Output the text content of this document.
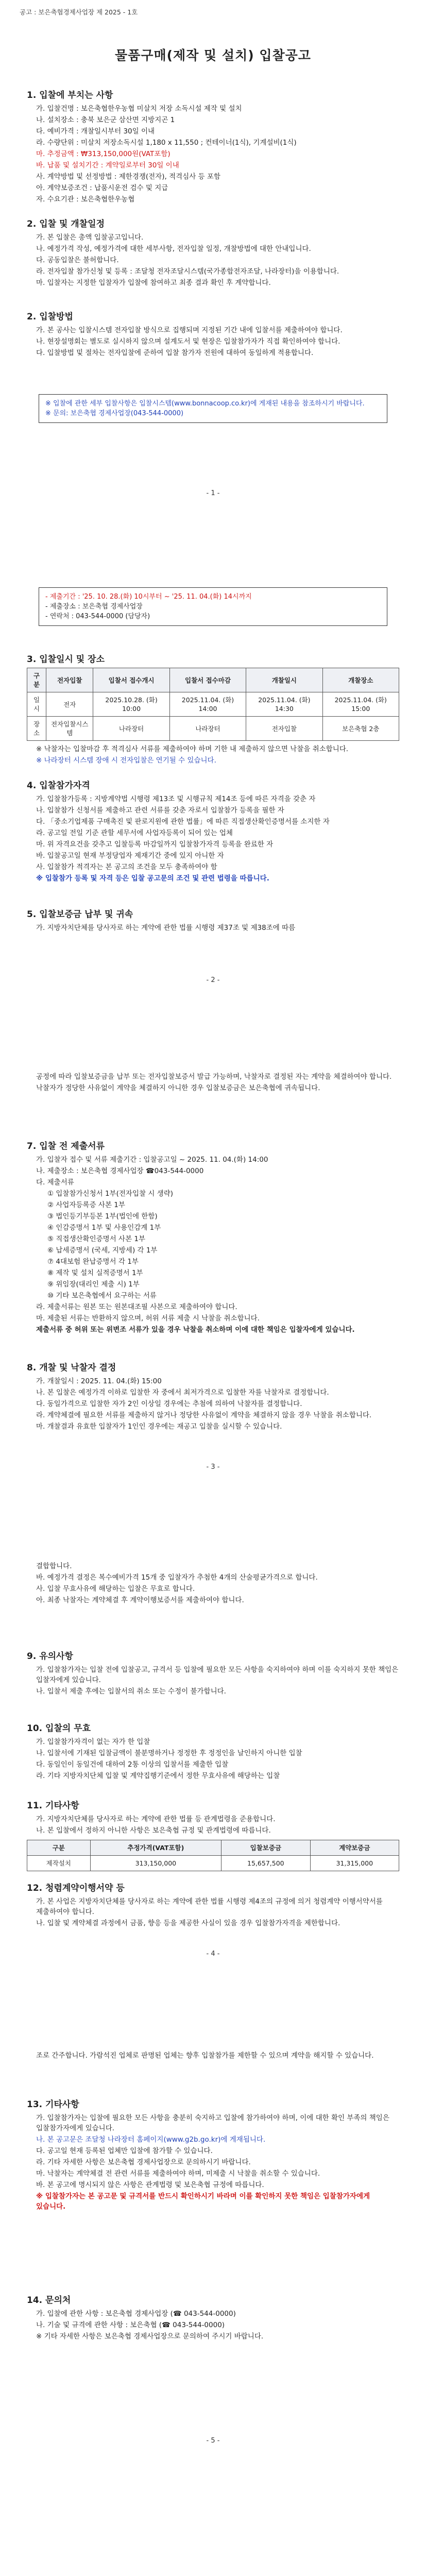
공고 : 보은축협경제사업장 제 2025 - 1호
물품구매(제작 및 설치) 입찰공고
1. 입찰에 부치는 사항
가. 입찰건명 : 보은축협한우농협 미살치 저장 소독시설 제작 및 설치
나. 설치장소 : 충북 보은군 삼산면 지방지곤 1
다. 예비가격 : 개찰일시부터 30일 이내
라. 수량단위 : 미살치 저장소독시설 1,180 x 11,550 ; 컨테이너(1식), 기계설비(1식)
마. 추정금액 : ₩313,150,000원(VAT포함)
바. 납품 및 설치기간 : 계약일로부터 30일 이내
사. 계약방법 및 선정방법 : 제한경쟁(전자), 적격심사 등 포함
아. 계약보증조건 : 납품시운전 검수 및 지급
자. 수요기관 : 보은축협한우농협
2. 입찰 및 개찰일정
가. 본 입찰은 총액 입찰공고입니다.
나. 예정가격 작성, 예정가격에 대한 세부사항, 전자입찰 일정, 개찰방법에 대한 안내입니다.
다. 공동입찰은 불허합니다.
라. 전자입찰 참가신청 및 등록 : 조달청 전자조달시스템(국가종합전자조달, 나라장터)을 이용합니다.
마. 입찰자는 지정한 입찰자가 입찰에 참여하고 최종 결과 확인 후 계약합니다.
2. 입찰방법
가. 본 공사는 입찰시스템 전자입찰 방식으로 집행되며 지정된 기간 내에 입찰서를 제출하여야 합니다.
나. 현장설명회는 별도로 실시하지 않으며 설계도서 및 현장은 입찰참가자가 직접 확인하여야 합니다.
다. 입찰방법 및 절차는 전자입찰에 준하여 입찰 참가자 전원에 대하여 동일하게 적용합니다.
※ 입찰에 관한 세부 입찰사항은 입찰시스템(www.bonnacoop.co.kr)에 게재된 내용을 참조하시기 바랍니다.
※ 문의: 보은축협 경제사업장(043-544-0000)
- 1 -
- 제출기간 : '25. 10. 28.(화) 10시부터 ~ '25. 11. 04.(화) 14시까지
- 제출장소 : 보은축협 경제사업장
- 연락처 : 043-544-0000 (담당자)
3. 입찰일시 및 장소
구 분	전자입찰	입찰서 접수개시	입찰서 접수마감	개찰일시	개찰장소
일 시	전자	2025.10.28. (화) 10:00	2025.11.04. (화) 14:00	2025.11.04. (화) 14:30	2025.11.04. (화) 15:00
장 소	전자입찰시스템	나라장터	나라장터	전자입찰	보은축협 2층
※ 낙찰자는 입찰마감 후 적격심사 서류를 제출하여야 하며 기한 내 제출하지 않으면 낙찰을 취소합니다.
※ 나라장터 시스템 장애 시 전자입찰은 연기될 수 있습니다.
4. 입찰참가자격
가. 입찰참가등록 : 지방계약법 시행령 제13조 및 시행규칙 제14조 등에 따른 자격을 갖춘 자
나. 입찰참가 신청서를 제출하고 관련 서류를 갖춘 자로서 입찰참가 등록을 필한 자
다. 「중소기업제품 구매촉진 및 판로지원에 관한 법률」에 따른 직접생산확인증명서를 소지한 자
라. 공고일 전일 기준 관할 세무서에 사업자등록이 되어 있는 업체
마. 위 자격요건을 갖추고 입찰등록 마감일까지 입찰참가자격 등록을 완료한 자
바. 입찰공고일 현재 부정당업자 제재기간 중에 있지 아니한 자
사. 입찰참가 적격자는 본 공고의 조건을 모두 충족하여야 함
※ 입찰참가 등록 및 자격 등은 입찰 공고문의 조건 및 관련 법령을 따릅니다.
5. 입찰보증금 납부 및 귀속
가. 지방자치단체를 당사자로 하는 계약에 관한 법률 시행령 제37조 및 제38조에 따름
- 2 -
공정에 따라 입찰보증금을 납부 또는 전자입찰보증서 발급 가능하며, 낙찰자로 결정된 자는 계약을 체결하여야 합니다.
낙찰자가 정당한 사유없이 계약을 체결하지 아니한 경우 입찰보증금은 보은축협에 귀속됩니다.
7. 입찰 전 제출서류
가. 입찰자 접수 및 서류 제출기간 : 입찰공고일 ~ 2025. 11. 04.(화) 14:00
나. 제출장소 : 보은축협 경제사업장 ☎043-544-0000
다. 제출서류
① 입찰참가신청서 1부(전자입찰 시 생략)
② 사업자등록증 사본 1부
③ 법인등기부등본 1부(법인에 한함)
④ 인감증명서 1부 및 사용인감계 1부
⑤ 직접생산확인증명서 사본 1부
⑥ 납세증명서 (국세, 지방세) 각 1부
⑦ 4대보험 완납증명서 각 1부
⑧ 제작 및 설치 실적증명서 1부
⑨ 위임장(대리인 제출 시) 1부
⑩ 기타 보은축협에서 요구하는 서류
라. 제출서류는 원본 또는 원본대조필 사본으로 제출하여야 합니다.
마. 제출된 서류는 반환하지 않으며, 허위 서류 제출 시 낙찰을 취소합니다.
제출서류 중 허위 또는 위변조 서류가 있을 경우 낙찰을 취소하며 이에 대한 책임은 입찰자에게 있습니다.
8. 개찰 및 낙찰자 결정
가. 개찰일시 : 2025. 11. 04.(화) 15:00
나. 본 입찰은 예정가격 이하로 입찰한 자 중에서 최저가격으로 입찰한 자를 낙찰자로 결정합니다.
다. 동일가격으로 입찰한 자가 2인 이상일 경우에는 추첨에 의하여 낙찰자를 결정합니다.
라. 계약체결에 필요한 서류를 제출하지 않거나 정당한 사유없이 계약을 체결하지 않을 경우 낙찰을 취소합니다.
마. 개찰결과 유효한 입찰자가 1인인 경우에는 재공고 입찰을 실시할 수 있습니다.
- 3 -
결합합니다.
바. 예정가격 결정은 복수예비가격 15개 중 입찰자가 추첨한 4개의 산술평균가격으로 합니다.
사. 입찰 무효사유에 해당하는 입찰은 무효로 합니다.
아. 최종 낙찰자는 계약체결 후 계약이행보증서를 제출하여야 합니다.
9. 유의사항
가. 입찰참가자는 입찰 전에 입찰공고, 규격서 등 입찰에 필요한 모든 사항을 숙지하여야 하며 이를 숙지하지 못한 책임은 입찰자에게 있습니다.
나. 입찰서 제출 후에는 입찰서의 취소 또는 수정이 불가합니다.
10. 입찰의 무효
가. 입찰참가자격이 없는 자가 한 입찰
나. 입찰서에 기재된 입찰금액이 불분명하거나 정정한 후 정정인을 날인하지 아니한 입찰
다. 동일인이 동일건에 대하여 2통 이상의 입찰서를 제출한 입찰
라. 기타 지방자치단체 입찰 및 계약집행기준에서 정한 무효사유에 해당하는 입찰
11. 기타사항
가. 지방자치단체를 당사자로 하는 계약에 관한 법률 등 관계법령을 준용합니다.
나. 본 입찰에서 정하지 아니한 사항은 보은축협 규정 및 관계법령에 따릅니다.
구분	추정가격(VAT포함)	입찰보증금	계약보증금
제작설치	313,150,000	15,657,500	31,315,000
12. 청렴계약이행서약 등
가. 본 사업은 지방자치단체를 당사자로 하는 계약에 관한 법률 시행령 제4조의 규정에 의거 청렴계약 이행서약서를 제출하여야 합니다.
나. 입찰 및 계약체결 과정에서 금품, 향응 등을 제공한 사실이 있을 경우 입찰참가자격을 제한합니다.
- 4 -
조로 간주합니다. 가람석진 업체로 판명된 업체는 향후 입찰참가를 제한할 수 있으며 계약을 해지할 수 있습니다.
13. 기타사항
가. 입찰참가자는 입찰에 필요한 모든 사항을 충분히 숙지하고 입찰에 참가하여야 하며, 이에 대한 확인 부족의 책임은 입찰참가자에게 있습니다.
나. 본 공고문은 조달청 나라장터 홈페이지(www.g2b.go.kr)에 게재됩니다.
다. 공고일 현재 등록된 업체만 입찰에 참가할 수 있습니다.
라. 기타 자세한 사항은 보은축협 경제사업장으로 문의하시기 바랍니다.
마. 낙찰자는 계약체결 전 관련 서류를 제출하여야 하며, 미제출 시 낙찰을 취소할 수 있습니다.
바. 본 공고에 명시되지 않은 사항은 관계법령 및 보은축협 규정에 따릅니다.
※ 입찰참가자는 본 공고문 및 규격서를 반드시 확인하시기 바라며 이를 확인하지 못한 책임은 입찰참가자에게 있습니다.
14. 문의처
가. 입찰에 관한 사항 : 보은축협 경제사업장 (☎ 043-544-0000)
나. 기술 및 규격에 관한 사항 : 보은축협 (☎ 043-544-0000)
※ 기타 자세한 사항은 보은축협 경제사업장으로 문의하여 주시기 바랍니다.
- 5 -
